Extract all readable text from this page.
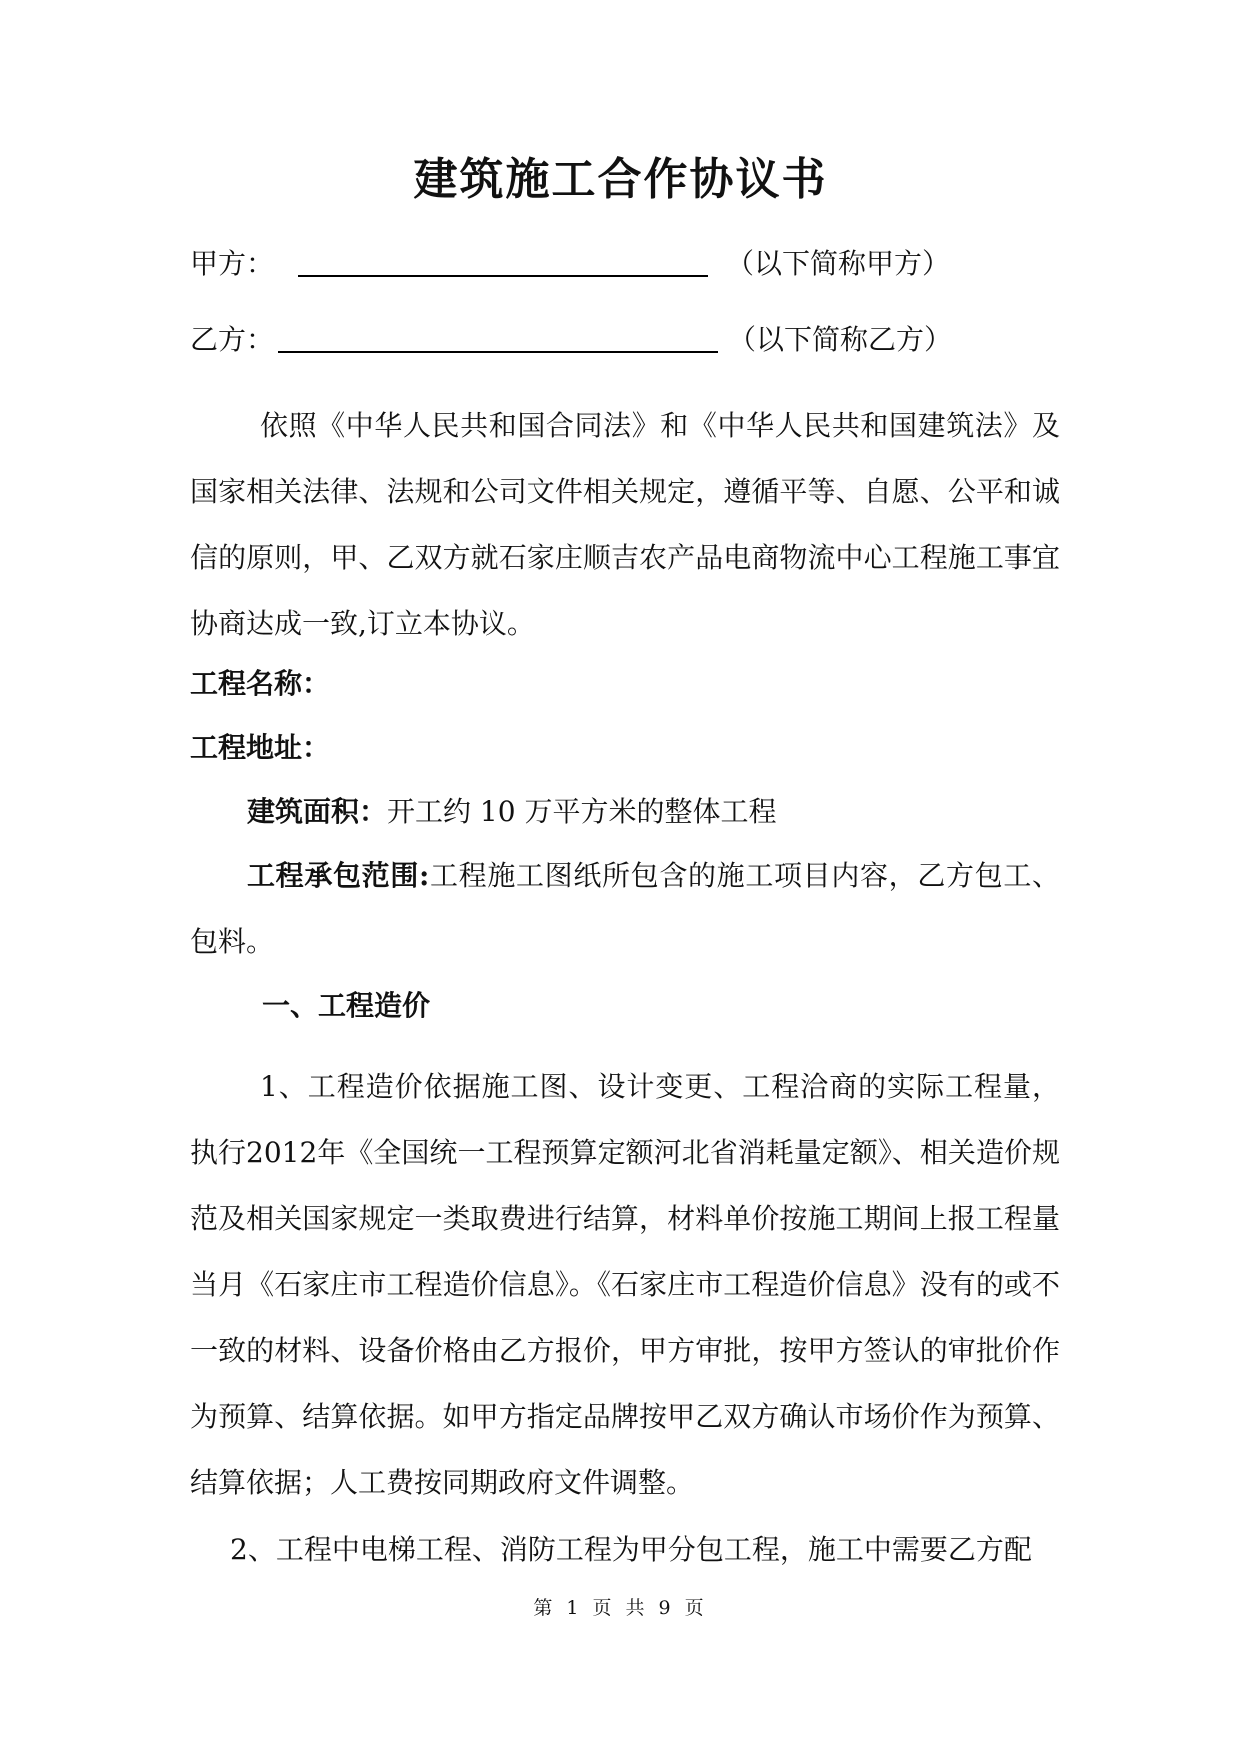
建筑施工合作协议书
甲方：	（以下简称甲方）
乙方：	（以下简称乙方）

依照《中华人民共和国合同法》和《中华人民共和国建筑法》及国家相关法律、法规和公司文件相关规定，遵循平等、自愿、公平和诚信的原则，甲、乙双方就石家庄顺吉农产品电商物流中心工程施工事宜协商达成一致,订立本协议。

工程名称：
工程地址：
建筑面积：开工约 10 万平方米的整体工程

工程承包范围:工程施工图纸所包含的施工项目内容，乙方包工、包料。

一、工程造价

1、工程造价依据施工图、设计变更、工程洽商的实际工程量，执行2012年《全国统一工程预算定额河北省消耗量定额》、相关造价规范及相关国家规定一类取费进行结算，材料单价按施工期间上报工程量当月《石家庄市工程造价信息》。《石家庄市工程造价信息》没有的或不一致的材料、设备价格由乙方报价，甲方审批，按甲方签认的审批价作为预算、结算依据。如甲方指定品牌按甲乙双方确认市场价作为预算、结算依据；人工费按同期政府文件调整。

2、工程中电梯工程、消防工程为甲分包工程，施工中需要乙方配

第 1 页 共 9 页
